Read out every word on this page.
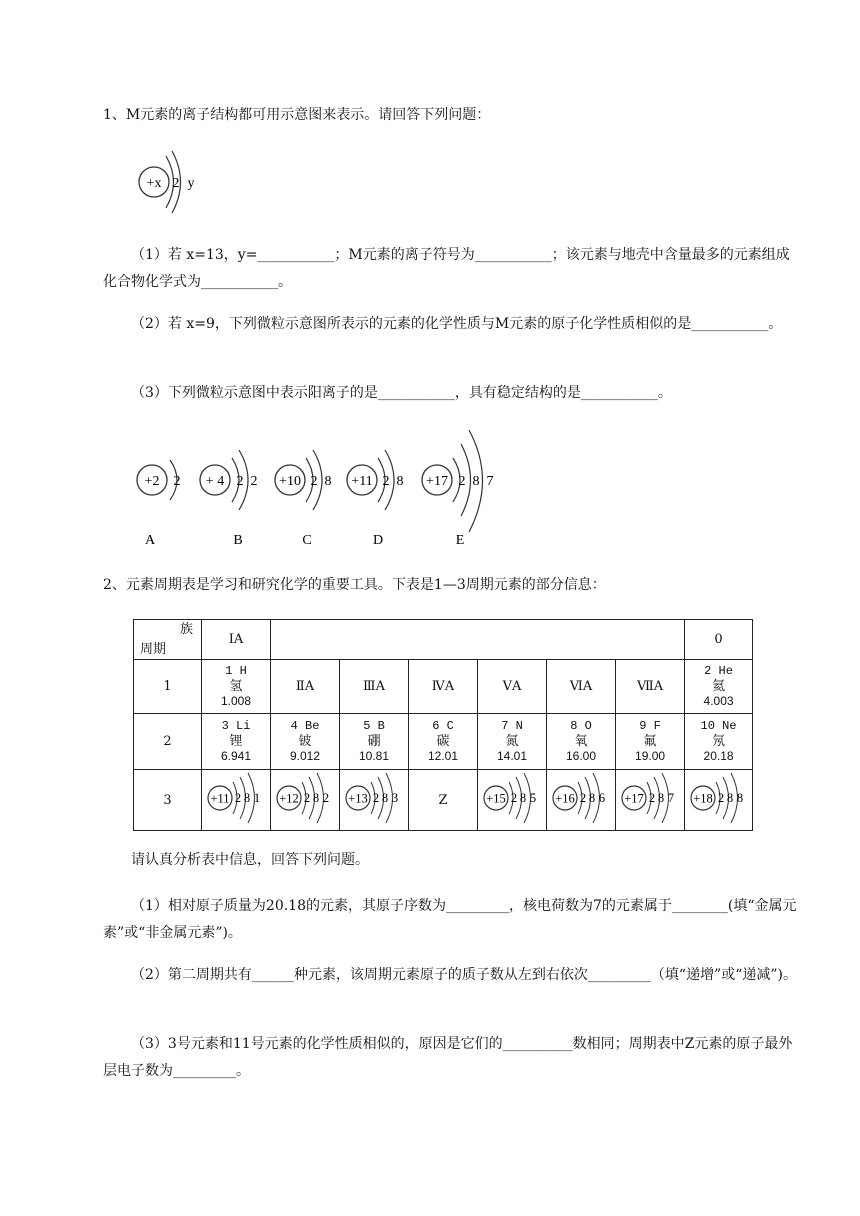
1、M元素的离子结构都可用示意图来表示。请回答下列问题：
+x 2 y
（1）若 x=13，y=___________；M元素的离子符号为___________；该元素与地壳中含量最多的元素组成化合物化学式为___________。
（2）若 x=9，下列微粒示意图所表示的元素的化学性质与M元素的原子化学性质相似的是___________。
（3）下列微粒示意图中表示阳离子的是___________，具有稳定结构的是___________。
+2 2
A
+ 4 2 2
B
+10 2 8
C
+11 2 8
D
+17 2 8 7
E
2、元素周期表是学习和研究化学的重要工具。下表是1—3周期元素的部分信息：
族
周期	ⅠA							0
1	1 H
氢
1.008	ⅡA	ⅢA	ⅣA	ⅤA	ⅥA	ⅦA	2 He
氦
4.003

2	3 Li
锂
6.941	4 Be
铍
9.012	5 B
硼
10.81	6 C
碳
12.01	7 N
氮
14.01	8 O
氧
16.00	9 F
氟
19.00	10 Ne
氖
20.18

3	+11 2 8 1	+12 2 8 2	+13 2 8 3	Z	+15 2 8 5	+16 2 8 6	+17 2 8 7	+18 2 8 8
请认真分析表中信息，回答下列问题。
（1）相对原子质量为20.18的元素，其原子序数为_________，核电荷数为7的元素属于________(填“金属元素”或“非金属元素”)。
（2）第二周期共有______种元素，该周期元素原子的质子数从左到右依次_________（填“递增”或“递减”)。
（3）3号元素和11号元素的化学性质相似的，原因是它们的__________数相同；周期表中Z元素的原子最外层电子数为_________。
